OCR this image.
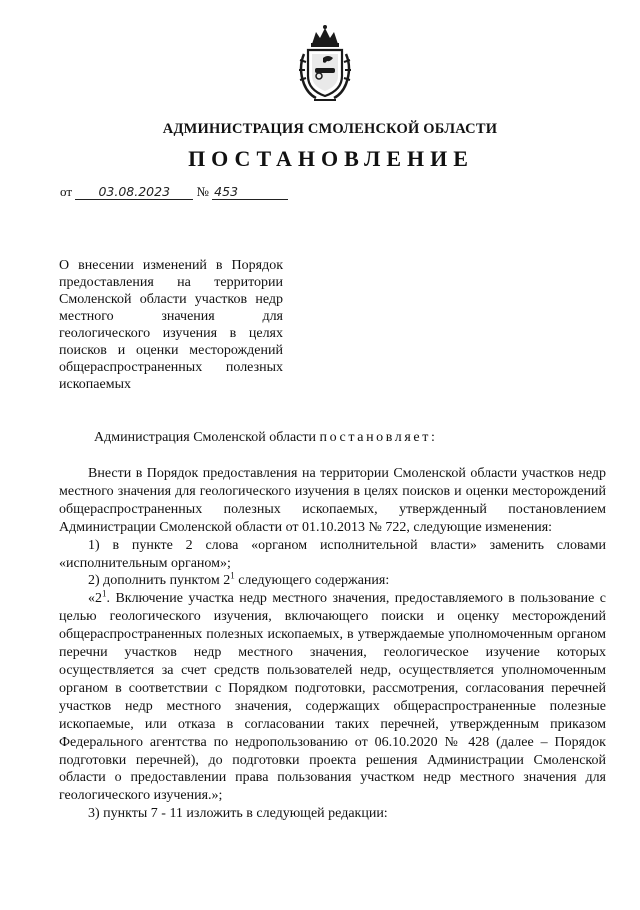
АДМИНИСТРАЦИЯ СМОЛЕНСКОЙ ОБЛАСТИ
ПОСТАНОВЛЕНИЕ
от 03.08.2023 № 453
О внесении изменений в Порядок предоставления на территории Смоленской области участков недр местного значения для геологического изучения в целях поисков и оценки месторождений общераспространенных полезных ископаемых
Администрация Смоленской области постановляет:

Внести в Порядок предоставления на территории Смоленской области участков недр местного значения для геологического изучения в целях поисков и оценки месторождений общераспространенных полезных ископаемых, утвержденный постановлением Администрации Смоленской области от 01.10.2013 № 722, следующие изменения:

1) в пункте 2 слова «органом исполнительной власти» заменить словами «исполнительным органом»;

2) дополнить пунктом $2^1$ следующего содержания:

«$2^1$. Включение участка недр местного значения, предоставляемого в пользование с целью геологического изучения, включающего поиски и оценку месторождений общераспространенных полезных ископаемых, в утверждаемые уполномоченным органом перечни участков недр местного значения, геологическое изучение которых осуществляется за счет средств пользователей недр, осуществляется уполномоченным органом в соответствии с Порядком подготовки, рассмотрения, согласования перечней участков недр местного значения, содержащих общераспространенные полезные ископаемые, или отказа в согласовании таких перечней, утвержденным приказом Федерального агентства по недропользованию от 06.10.2020 № 428 (далее – Порядок подготовки перечней), до подготовки проекта решения Администрации Смоленской области о предоставлении права пользования участком недр местного значения для геологического изучения.»;

3) пункты 7 - 11 изложить в следующей редакции:
